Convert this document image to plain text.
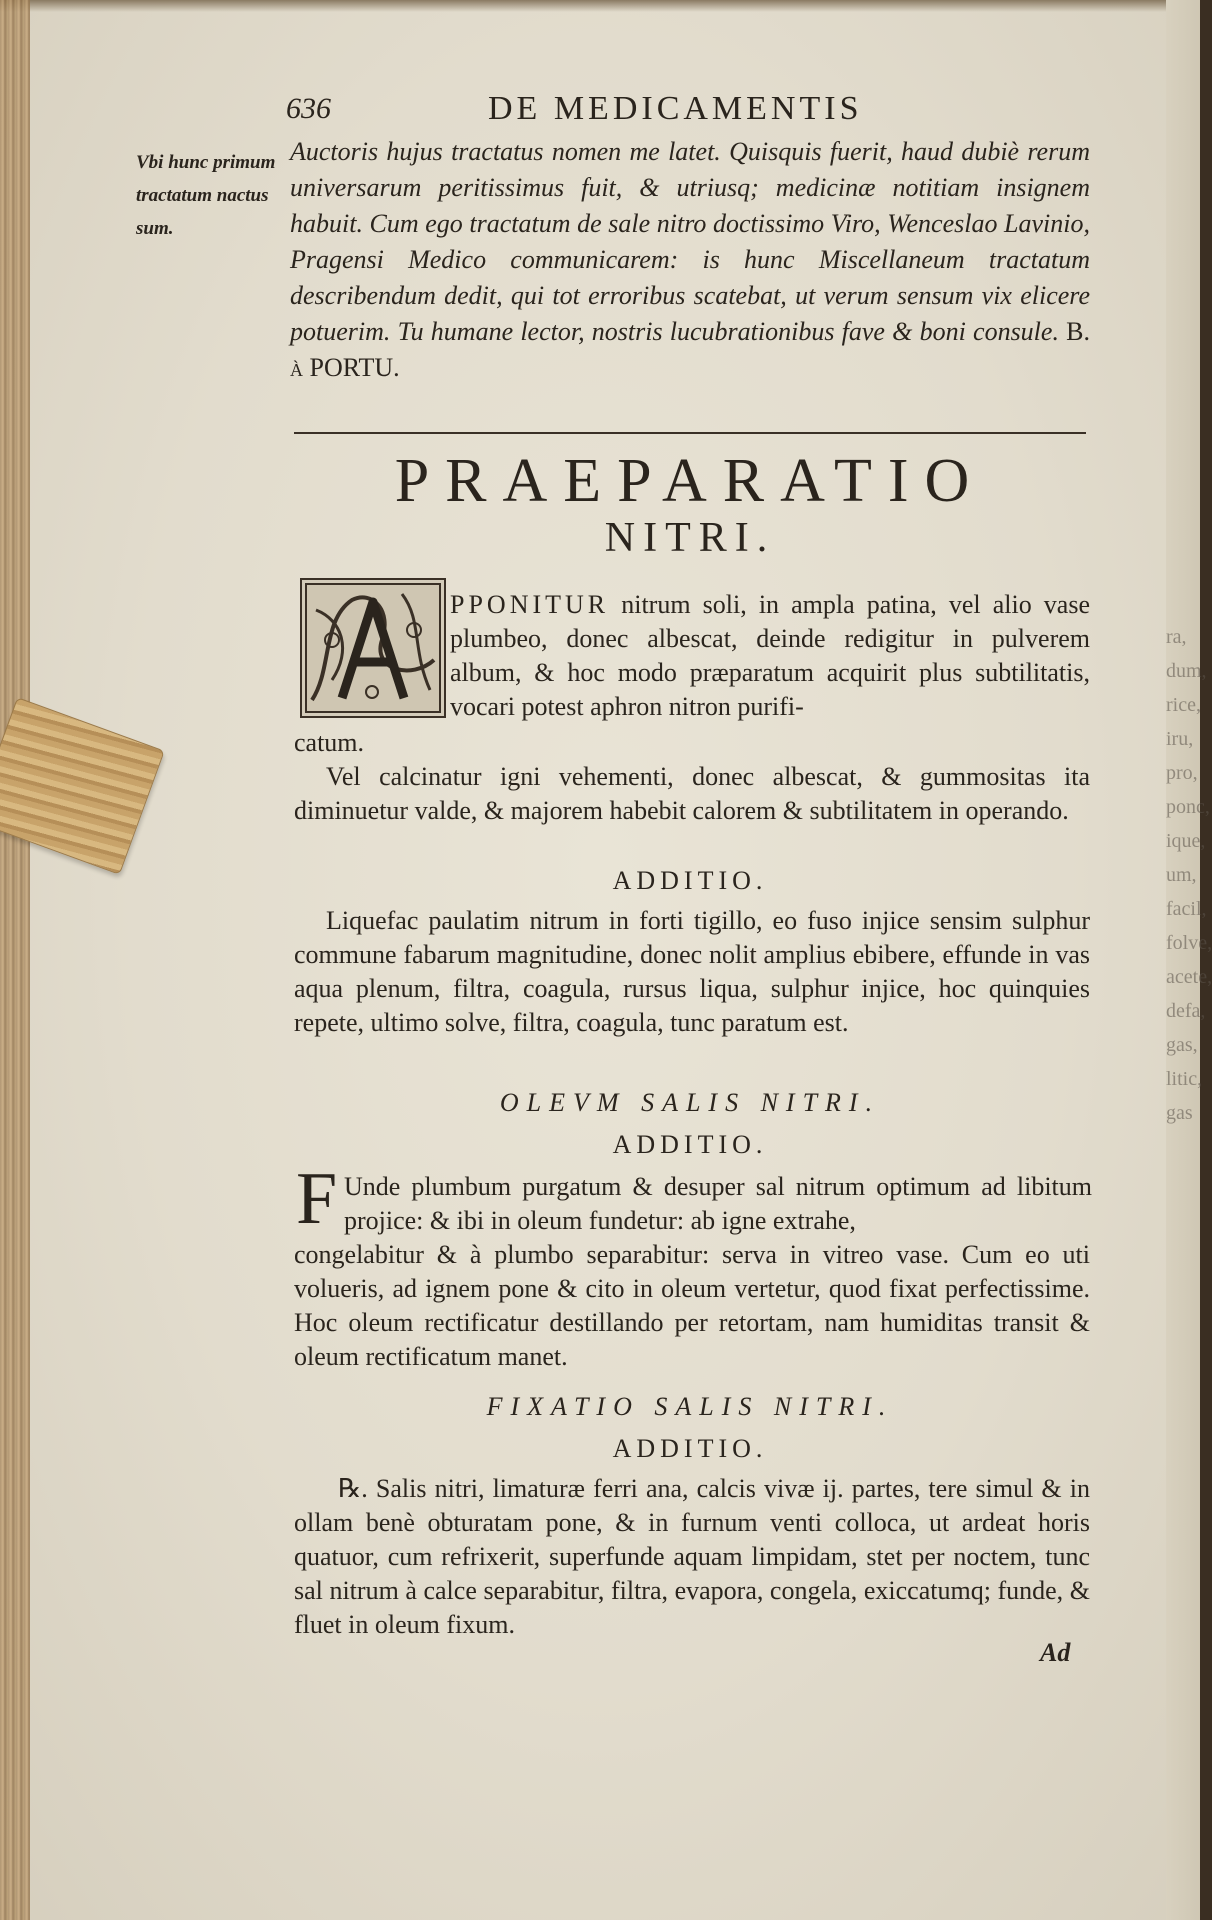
ra, dum, rice, iru, pro, ponc, ique, um, facil, folve, acete, defa, gas, litic, gas
636	DE MEDICAMENTIS
Vbi hunc primum tractatum nactus sum.
Auctoris hujus tractatus nomen me latet. Quisquis fuerit, haud dubiè rerum universarum peritissimus fuit, & utriusq; medicinæ notitiam insignem habuit. Cum ego tractatum de sale nitro doctissimo Viro, Wenceslao Lavinio, Pragensi Medico communicarem: is hunc Miscellaneum tractatum describendum dedit, qui tot erroribus scatebat, ut verum sensum vix elicere potuerim. Tu humane lector, nostris lucubrationibus fave & boni consule. B. à PORTU.
PRAEPARATIO
NITRI.
PPONITUR nitrum soli, in ampla patina, vel alio vase plumbeo, donec albescat, deinde redigitur in pulverem album, & hoc modo præparatum acquirit plus subtilitatis, vocari potest aphron nitron purifi-
catum.
Vel calcinatur igni vehementi, donec albescat, & gummositas ita diminuetur valde, & majorem habebit calorem & subtilitatem in operando.
ADDITIO.
Liquefac paulatim nitrum in forti tigillo, eo fuso injice sensim sulphur commune fabarum magnitudine, donec nolit amplius ebibere, effunde in vas aqua plenum, filtra, coagula, rursus liqua, sulphur injice, hoc quinquies repete, ultimo solve, filtra, coagula, tunc paratum est.
OLEVM SALIS NITRI.
ADDITIO.
F Unde plumbum purgatum & desuper sal nitrum optimum ad libitum projice: & ibi in oleum fundetur: ab igne extrahe,
congelabitur & à plumbo separabitur: serva in vitreo vase. Cum eo uti volueris, ad ignem pone & cito in oleum vertetur, quod fixat perfectissime. Hoc oleum rectificatur destillando per retortam, nam humiditas transit & oleum rectificatum manet.
FIXATIO SALIS NITRI.
ADDITIO.
℞. Salis nitri, limaturæ ferri ana, calcis vivæ ij. partes, tere simul & in ollam benè obturatam pone, & in furnum venti colloca, ut ardeat horis quatuor, cum refrixerit, superfunde aquam limpidam, stet per noctem, tunc sal nitrum à calce separabitur, filtra, evapora, congela, exiccatumq; funde, & fluet in oleum fixum.
Ad
